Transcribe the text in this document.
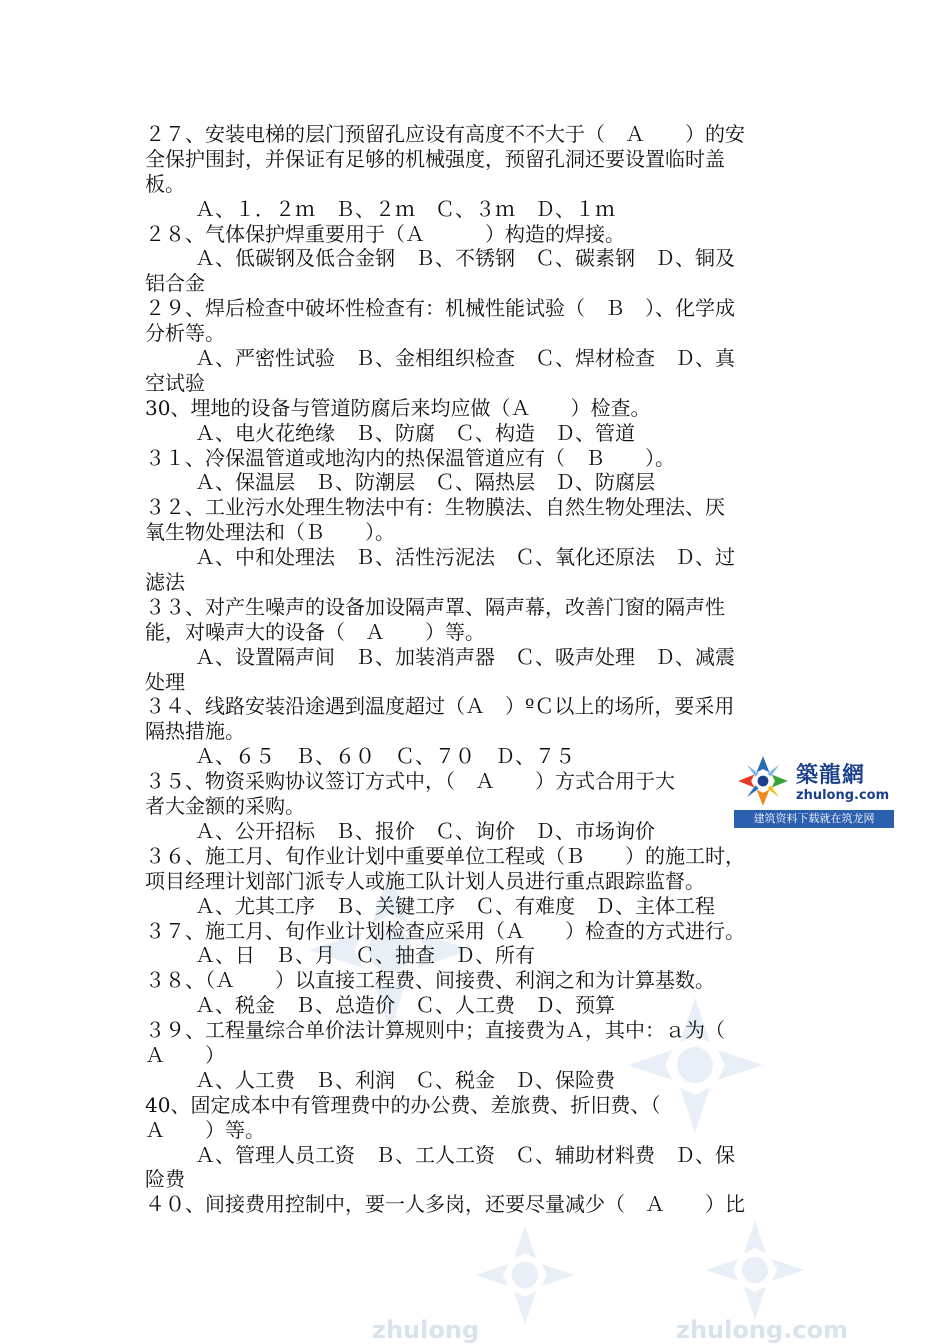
zhulong	zhulong.com
２７、安装电梯的层门预留孔应设有高度不不大于（　Ａ　　）的安
全保护围封，并保证有足够的机械强度，预留孔洞还要设置临时盖
板。
Ａ、１．２ｍ　Ｂ、２ｍ　Ｃ、３ｍ　Ｄ、１ｍ
２８、气体保护焊重要用于（Ａ　　　）构造的焊接。
Ａ、低碳钢及低合金钢　Ｂ、不锈钢　Ｃ、碳素钢　Ｄ、铜及
铝合金
２９、焊后检查中破坏性检查有：机械性能试验（　Ｂ　）、化学成
分析等。
Ａ、严密性试验　Ｂ、金相组织检查　Ｃ、焊材检查　Ｄ、真
空试验
30、埋地的设备与管道防腐后来均应做（Ａ　　）检查。
Ａ、电火花绝缘　Ｂ、防腐　Ｃ、构造　Ｄ、管道
３１、冷保温管道或地沟内的热保温管道应有（　Ｂ　　）。
Ａ、保温层　Ｂ、防潮层　Ｃ、隔热层　Ｄ、防腐层
３２、工业污水处理生物法中有：生物膜法、自然生物处理法、厌
氧生物处理法和（Ｂ　　）。
Ａ、中和处理法　Ｂ、活性污泥法　Ｃ、氧化还原法　Ｄ、过
滤法
３３、对产生噪声的设备加设隔声罩、隔声幕，改善门窗的隔声性
能，对噪声大的设备（　Ａ　　）等。
Ａ、设置隔声间　Ｂ、加装消声器　Ｃ、吸声处理　Ｄ、减震
处理
３４、线路安装沿途遇到温度超过（Ａ　）ºＣ以上的场所，要采用
隔热措施。
Ａ、６５　Ｂ、６０　Ｃ、７０　Ｄ、７５
３５、物资采购协议签订方式中，（　Ａ　　）方式合用于大
者大金额的采购。
Ａ、公开招标　Ｂ、报价　Ｃ、询价　Ｄ、市场询价
３６、施工月、旬作业计划中重要单位工程或（Ｂ　　）的施工时，
项目经理计划部门派专人或施工队计划人员进行重点跟踪监督。
Ａ、尤其工序　Ｂ、关键工序　Ｃ、有难度　Ｄ、主体工程
３７、施工月、旬作业计划检查应采用（Ａ　　）检查的方式进行。
Ａ、日　Ｂ、月　Ｃ、抽查　Ｄ、所有
３８、（Ａ　　）以直接工程费、间接费、利润之和为计算基数。
Ａ、税金　Ｂ、总造价　Ｃ、人工费　Ｄ、预算
３９、工程量综合单价法计算规则中；直接费为Ａ，其中：ａ为（
Ａ　　）
Ａ、人工费　Ｂ、利润　Ｃ、税金　Ｄ、保险费
40、固定成本中有管理费中的办公费、差旅费、折旧费、（
Ａ　　）等。
Ａ、管理人员工资　Ｂ、工人工资　Ｃ、辅助材料费　Ｄ、保
险费
４０、间接费用控制中，要一人多岗，还要尽量减少（　Ａ　　）比
築龍網
zhulong.com
建筑资料下载就在筑龙网
